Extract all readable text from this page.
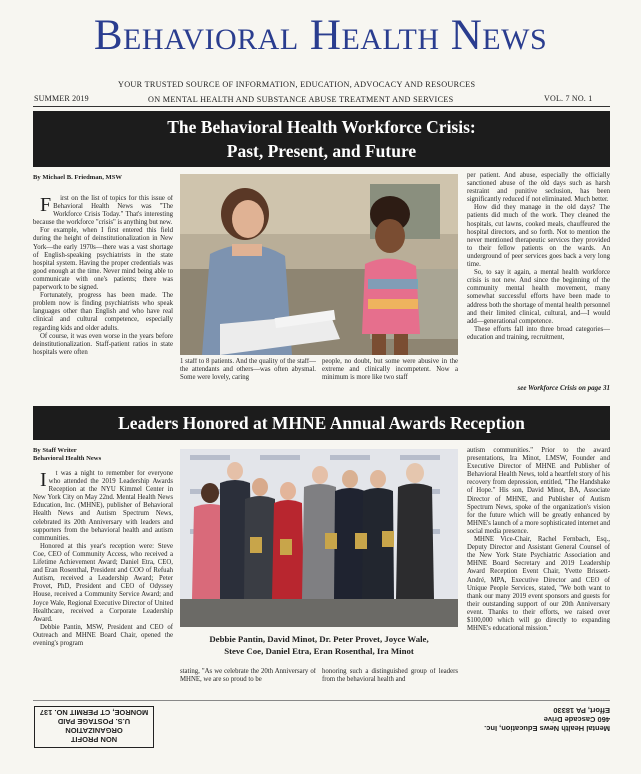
Behavioral Health News
YOUR TRUSTED SOURCE OF INFORMATION, EDUCATION, ADVOCACY AND RESOURCES
ON MENTAL HEALTH AND SUBSTANCE ABUSE TREATMENT AND SERVICES
SUMMER 2019	VOL. 7 NO. 1
The Behavioral Health Workforce Crisis:
Past, Present, and Future
By Michael B. Friedman, MSW

First on the list of topics for this issue of Behavioral Health News was "The Workforce Crisis Today." That's interesting because the workforce "crisis" is anything but new.

For example, when I first entered this field during the height of deinstitutionalization in New York—the early 1970s—there was a vast shortage of English-speaking psychiatrists in the state hospital system. Having the proper credentials was good enough at the time. Never mind being able to communicate with one's patients; there was paperwork to be signed.

Fortunately, progress has been made. The problem now is finding psychiatrists who speak languages other than English and who have real clinical and cultural competence, especially regarding kids and older adults.

Of course, it was even worse in the years before deinstitutionalization. Staff-patient ratios in state hospitals were often

1 staff to 8 patients. And the quality of the staff—the attendants and others—was often abysmal. Some were lovely, caring

people, no doubt, but some were abusive in the extreme and clinically incompetent. Now a minimum is more like two staff

per patient. And abuse, especially the officially sanctioned abuse of the old days such as harsh restraint and punitive seclusion, has been significantly reduced if not eliminated. Much better.

How did they manage in the old days? The patients did much of the work. They cleaned the hospitals, cut lawns, cooked meals, chauffeured the hospital directors, and so forth. Not to mention the never mentioned therapeutic services they provided to their fellow patients on the wards. An underground of peer services goes back a very long time.

So, to say it again, a mental health workforce crisis is not new. And since the beginning of the community mental health movement, many somewhat successful efforts have been made to address both the shortage of mental health personnel and their limited clinical, cultural, and—I would add—generational competence.

These efforts fall into three broad categories—education and training, recruitment,

see Workforce Crisis on page 31
Leaders Honored at MHNE Annual Awards Reception
By Staff Writer
Behavioral Health News

It was a night to remember for everyone who attended the 2019 Leadership Awards Reception at the NYU Kimmel Center in New York City on May 22nd. Mental Health News Education, Inc. (MHNE), publisher of Behavioral Health News and Autism Spectrum News, celebrated its 20th Anniversary with leaders and supporters from the behavioral health and autism communities.

Honored at this year's reception were: Steve Coe, CEO of Community Access, who received a Lifetime Achievement Award; Daniel Etra, CEO, and Eran Rosenthal, President and COO of Refuah Autism, received a Leadership Award; Peter Provet, PhD, President and CEO of Odyssey House, received a Community Service Award; and Joyce Wale, Regional Executive Director of United Healthcare, received a Corporate Leadership Award.

Debbie Pantin, MSW, President and CEO of Outreach and MHNE Board Chair, opened the evening's program	Debbie Pantin, David Minot, Dr. Peter Provet, Joyce Wale,
Steve Coe, Daniel Etra, Eran Rosenthal, Ira Minot

stating, "As we celebrate the 20th Anniversary of MHNE, we are so proud to be

honoring such a distinguished group of leaders from the behavioral health and

autism communities." Prior to the award presentations, Ira Minot, LMSW, Founder and Executive Director of MHNE and Publisher of Behavioral Health News, told a heartfelt story of his recovery from depression, entitled, "The Handshake of Hope." His son, David Minot, BA, Associate Director of MHNE, and Publisher of Autism Spectrum News, spoke of the organization's vision for the future which will be greatly enhanced by MHNE's launch of a more sophisticated internet and social media presence.

MHNE Vice-Chair, Rachel Fernbach, Esq., Deputy Director and Assistant General Counsel of the New York State Psychiatric Association and MHNE Board Secretary and 2019 Leadership Award Reception Event Chair, Yvette Brissett-André, MPA, Executive Director and CEO of Unique People Services, stated, "We both want to thank our many 2019 event sponsors and guests for their outstanding support of our 20th Anniversary event. Thanks to their efforts, we raised over $100,000 which will go directly to expanding MHNE's educational mission."

NON PROFIT
ORGANIZATION
U.S. POSTAGE PAID
MONROE, CT PERMIT NO. 137
Mental Health News Education, Inc.
460 Cascade Drive
Effort, PA 18330
